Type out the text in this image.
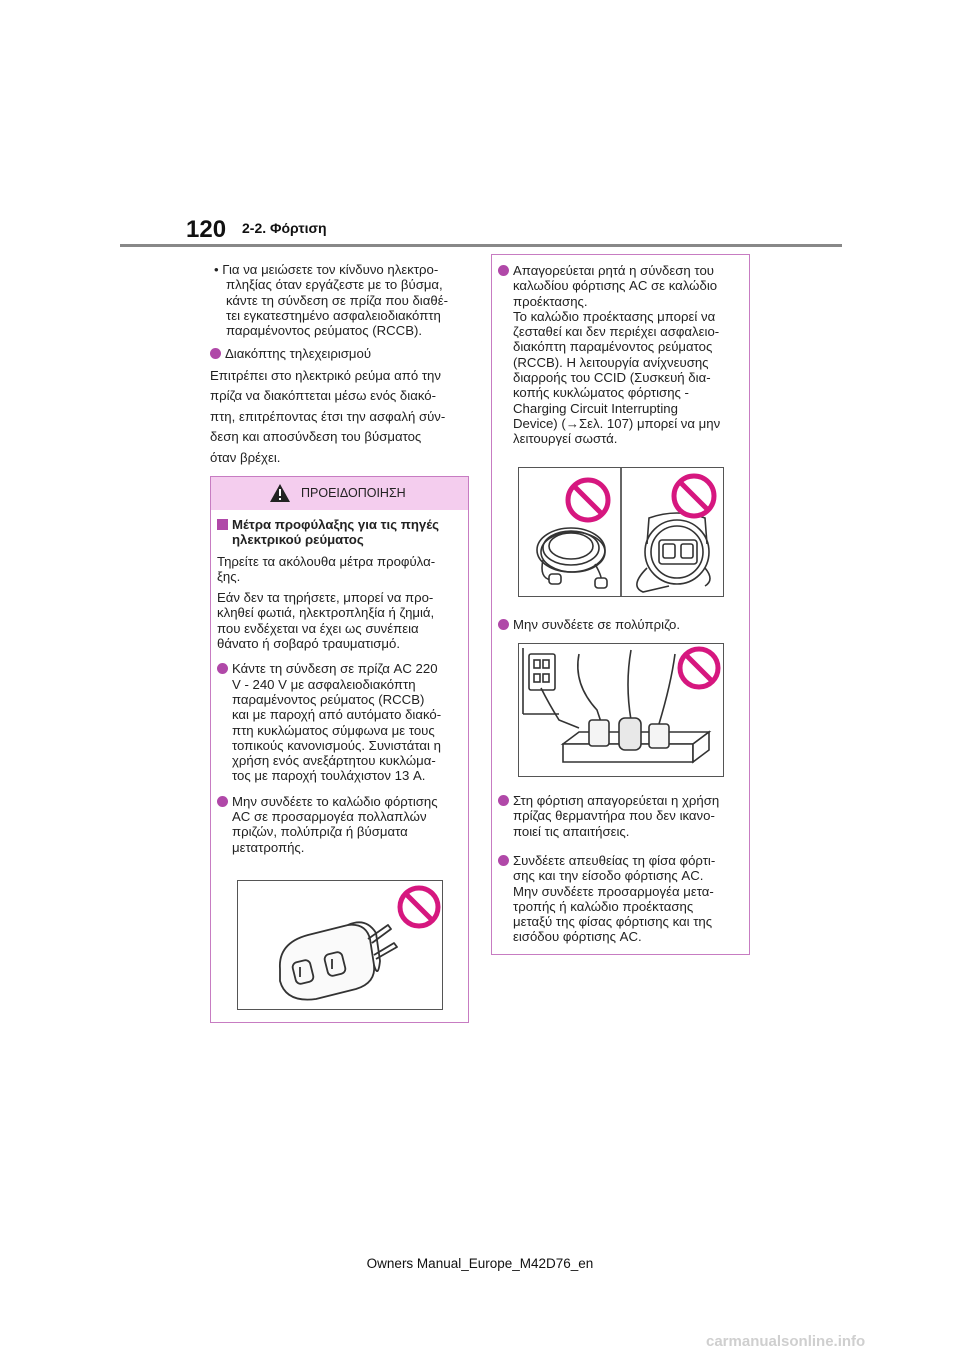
120 2-2. Φόρτιση
• Για να μειώσετε τον κίνδυνο ηλεκτρο-
πληξίας όταν εργάζεστε με το βύσμα,
κάντε τη σύνδεση σε πρίζα που διαθέ-
τει εγκατεστημένο ασφαλειοδιακόπτη
παραμένοντος ρεύματος (RCCB).
Διακόπτης τηλεχειρισμού
Επιτρέπει στο ηλεκτρικό ρεύμα από την
πρίζα να διακόπτεται μέσω ενός διακό-
πτη, επιτρέποντας έτσι την ασφαλή σύν-
δεση και αποσύνδεση του βύσματος
όταν βρέχει.
ΠΡΟΕΙΔΟΠΟΙΗΣΗ
Μέτρα προφύλαξης για τις πηγές
ηλεκτρικού ρεύματος
Τηρείτε τα ακόλουθα μέτρα προφύλα-
ξης.
Εάν δεν τα τηρήσετε, μπορεί να προ-
κληθεί φωτιά, ηλεκτροπληξία ή ζημιά,
που ενδέχεται να έχει ως συνέπεια
θάνατο ή σοβαρό τραυματισμό.
Κάντε τη σύνδεση σε πρίζα AC 220
V - 240 V με ασφαλειοδιακόπτη
παραμένοντος ρεύματος (RCCB)
και με παροχή από αυτόματο διακό-
πτη κυκλώματος σύμφωνα με τους
τοπικούς κανονισμούς. Συνιστάται η
χρήση ενός ανεξάρτητου κυκλώμα-
τος με παροχή τουλάχιστον 13 A.
Μην συνδέετε το καλώδιο φόρτισης
AC σε προσαρμογέα πολλαπλών
πριζών, πολύπριζα ή βύσματα
μετατροπής.
Απαγορεύεται ρητά η σύνδεση του
καλωδίου φόρτισης AC σε καλώδιο
προέκτασης.
Το καλώδιο προέκτασης μπορεί να
ζεσταθεί και δεν περιέχει ασφαλειο-
διακόπτη παραμένοντος ρεύματος
(RCCB). Η λειτουργία ανίχνευσης
διαρροής του CCID (Συσκευή δια-
κοπής κυκλώματος φόρτισης -
Charging Circuit Interrupting
Device) (→Σελ. 107) μπορεί να μην
λειτουργεί σωστά.
Μην συνδέετε σε πολύπριζο.
Στη φόρτιση απαγορεύεται η χρήση
πρίζας θερμαντήρα που δεν ικανο-
ποιεί τις απαιτήσεις.
Συνδέετε απευθείας τη φίσα φόρτι-
σης και την είσοδο φόρτισης AC.
Μην συνδέετε προσαρμογέα μετα-
τροπής ή καλώδιο προέκτασης
μεταξύ της φίσας φόρτισης και της
εισόδου φόρτισης AC.
Owners Manual_Europe_M42D76_en
carmanualsonline.info
